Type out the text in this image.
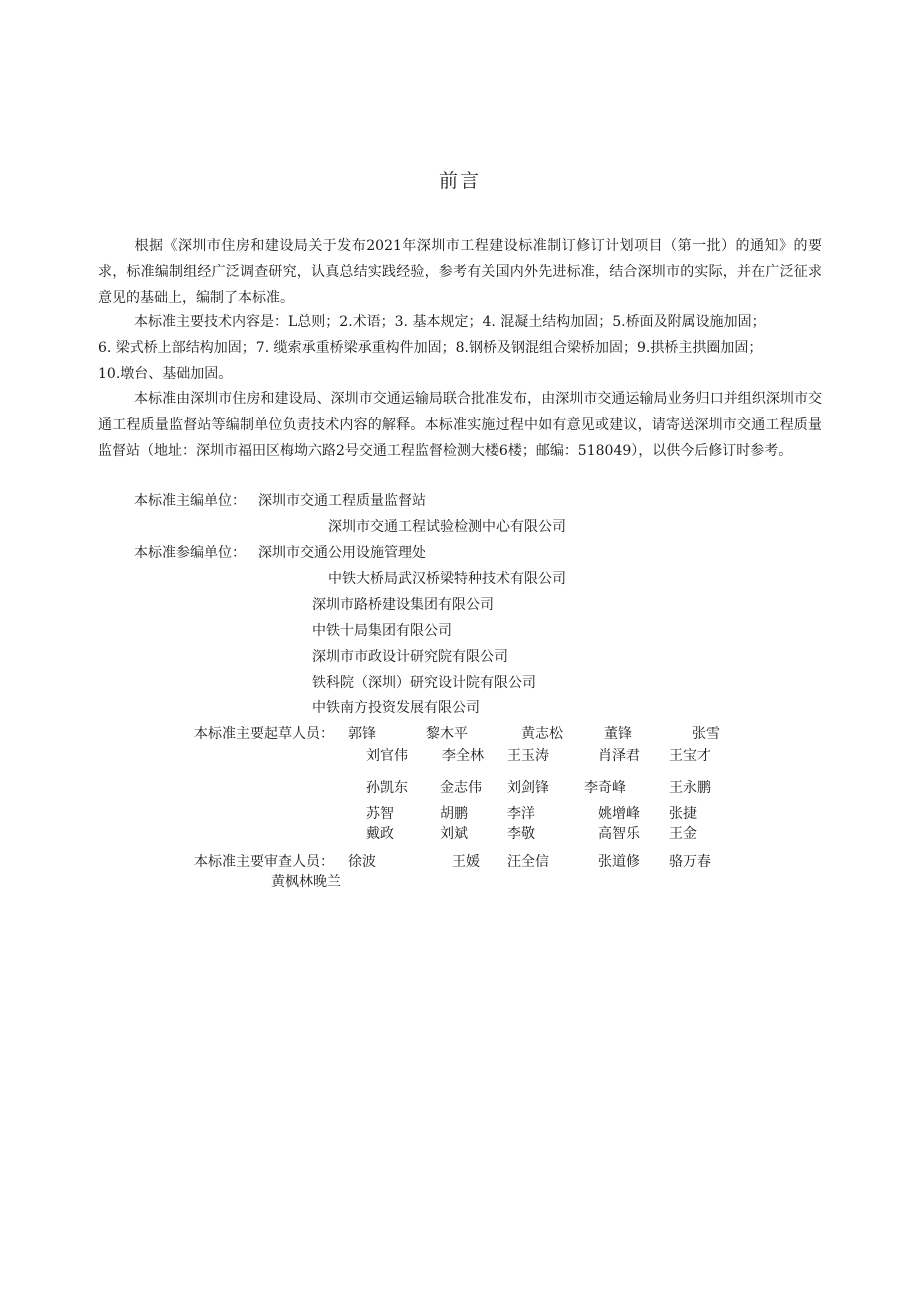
前言
根据《深圳市住房和建设局关于发布2021年深圳市工程建设标准制订修订计划项目（第一批）的通知》的要求，标准编制组经广泛调查研究，认真总结实践经验，参考有关国内外先进标准，结合深圳市的实际，并在广泛征求意见的基础上，编制了本标准。
本标准主要技术内容是：L总则；2.术语；3. 基本规定；4. 混凝土结构加固；5.桥面及附属设施加固；
6. 梁式桥上部结构加固；7. 缆索承重桥梁承重构件加固；8.钢桥及钢混组合梁桥加固；9.拱桥主拱圈加固；
10.墩台、基础加固。
本标准由深圳市住房和建设局、深圳市交通运输局联合批准发布，由深圳市交通运输局业务归口并组织深圳市交通工程质量监督站等编制单位负责技术内容的解释。本标准实施过程中如有意见或建议，请寄送深圳市交通工程质量监督站（地址：深圳市福田区梅坳六路2号交通工程监督检测大楼6楼；邮编：518049），以供今后修订时参考。
本标准主编单位： 深圳市交通工程质量监督站
深圳市交通工程试验检测中心有限公司
本标准参编单位： 深圳市交通公用设施管理处
中铁大桥局武汉桥梁特种技术有限公司
深圳市路桥建设集团有限公司
中铁十局集团有限公司
深圳市市政设计研究院有限公司
铁科院（深圳）研究设计院有限公司
中铁南方投资发展有限公司
本标准主要起草人员： 郭锋	黎木平	黄志松	董锋	张雪
刘官伟 李全林 王玉涛	肖泽君 王宝才
孙凯东 金志伟 刘剑锋	李奇峰	王永鹏
苏智	胡鹏	李洋	姚增峰 张捷
戴政	刘斌	李敬	高智乐 王金
本标准主要审查人员： 徐波	王媛 汪全信	张道修 骆万春
黄枫林晚兰
